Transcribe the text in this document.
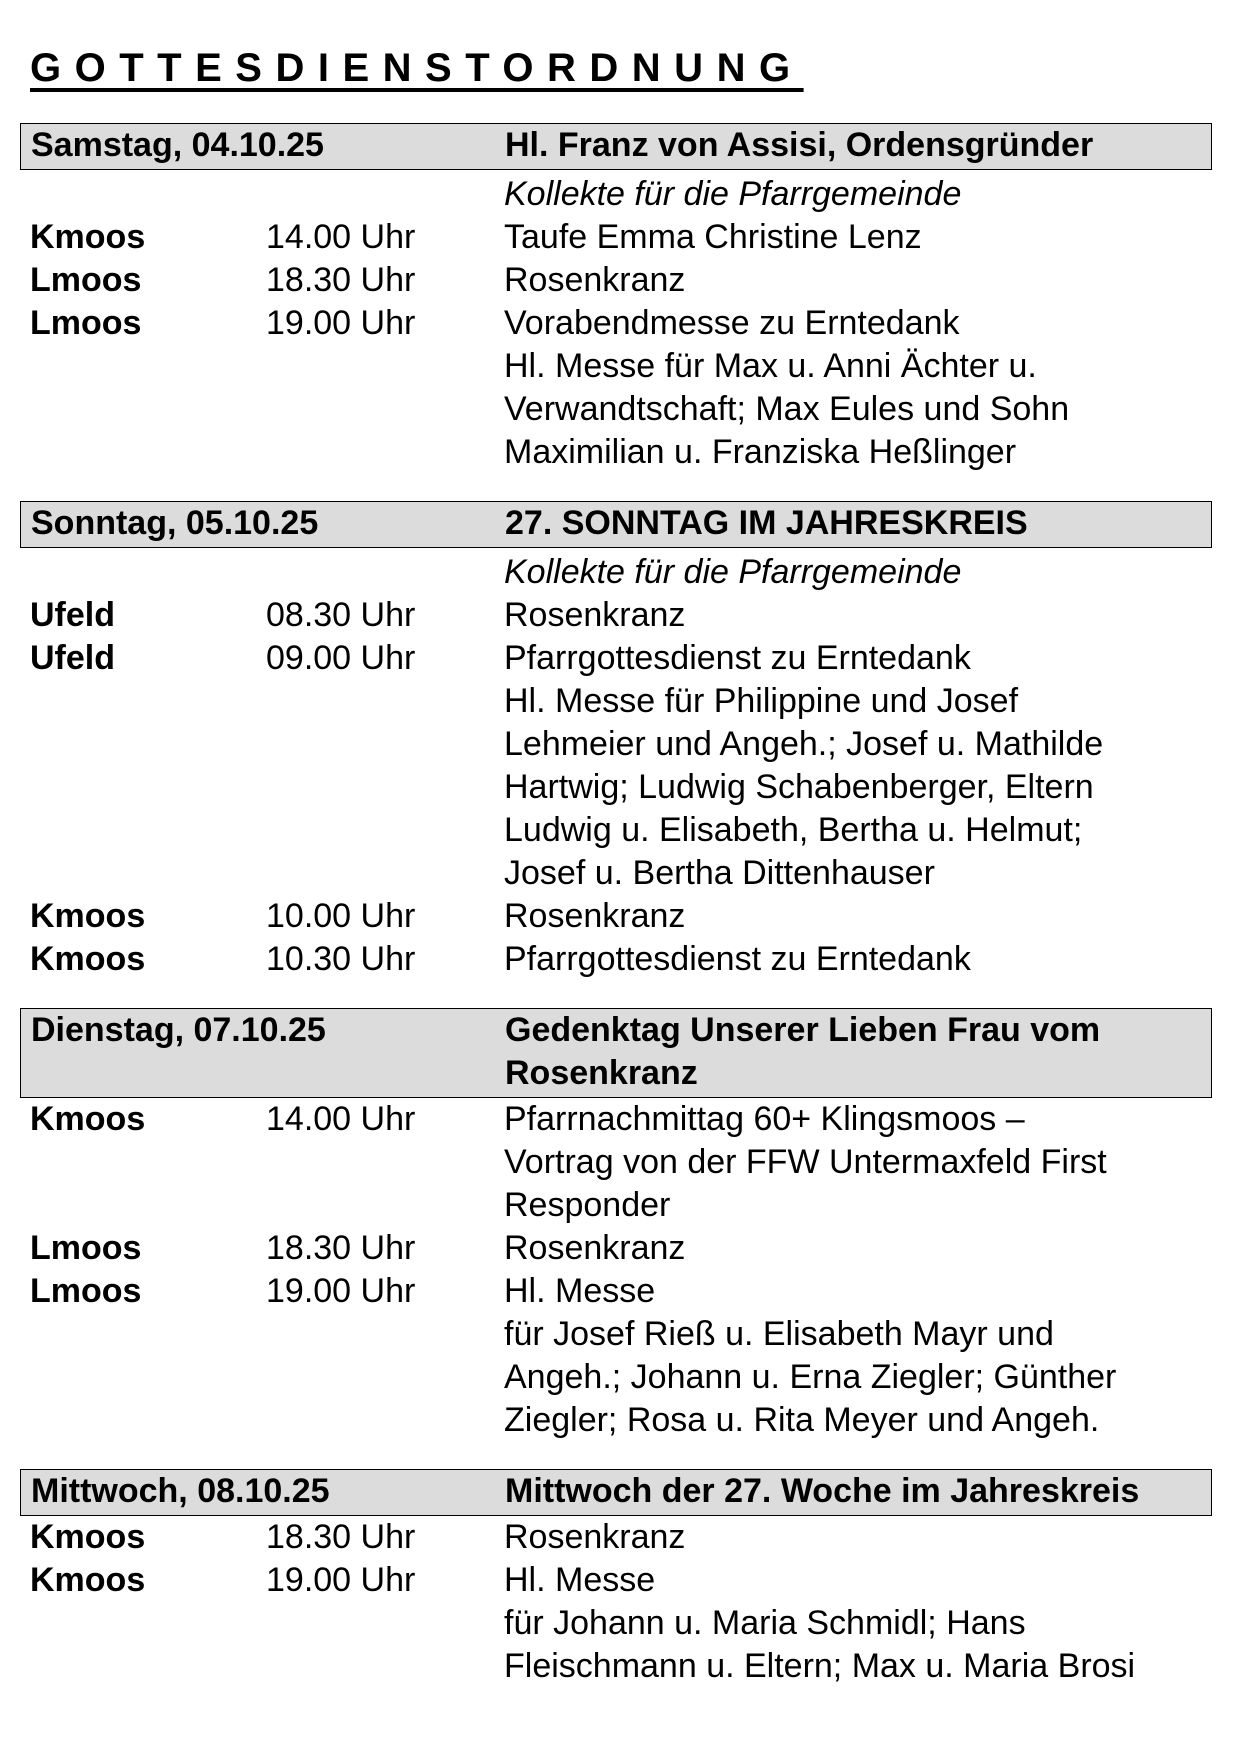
GOTTESDIENSTORDNUNG
Samstag, 04.10.25	Hl. Franz von Assisi, Ordensgründer
Kollekte für die Pfarrgemeinde
Kmoos	14.00 Uhr	Taufe Emma Christine Lenz
Lmoos	18.30 Uhr	Rosenkranz
Lmoos	19.00 Uhr	Vorabendmesse zu Erntedank
Hl. Messe für Max u. Anni Ächter u.
Verwandtschaft; Max Eules und Sohn
Maximilian u. Franziska Heßlinger
Sonntag, 05.10.25	27. SONNTAG IM JAHRESKREIS
Kollekte für die Pfarrgemeinde
Ufeld	08.30 Uhr	Rosenkranz
Ufeld	09.00 Uhr	Pfarrgottesdienst zu Erntedank
Hl. Messe für Philippine und Josef
Lehmeier und Angeh.; Josef u. Mathilde
Hartwig; Ludwig Schabenberger, Eltern
Ludwig u. Elisabeth, Bertha u. Helmut;
Josef u. Bertha Dittenhauser
Kmoos	10.00 Uhr	Rosenkranz
Kmoos	10.30 Uhr	Pfarrgottesdienst zu Erntedank
Dienstag, 07.10.25	Gedenktag Unserer Lieben Frau vom
Rosenkranz
Kmoos	14.00 Uhr	Pfarrnachmittag 60+ Klingsmoos –
Vortrag von der FFW Untermaxfeld First
Responder
Lmoos	18.30 Uhr	Rosenkranz
Lmoos	19.00 Uhr	Hl. Messe
für Josef Rieß u. Elisabeth Mayr und
Angeh.; Johann u. Erna Ziegler; Günther
Ziegler; Rosa u. Rita Meyer und Angeh.
Mittwoch, 08.10.25	Mittwoch der 27. Woche im Jahreskreis
Kmoos	18.30 Uhr	Rosenkranz
Kmoos	19.00 Uhr	Hl. Messe
für Johann u. Maria Schmidl; Hans
Fleischmann u. Eltern; Max u. Maria Brosi
